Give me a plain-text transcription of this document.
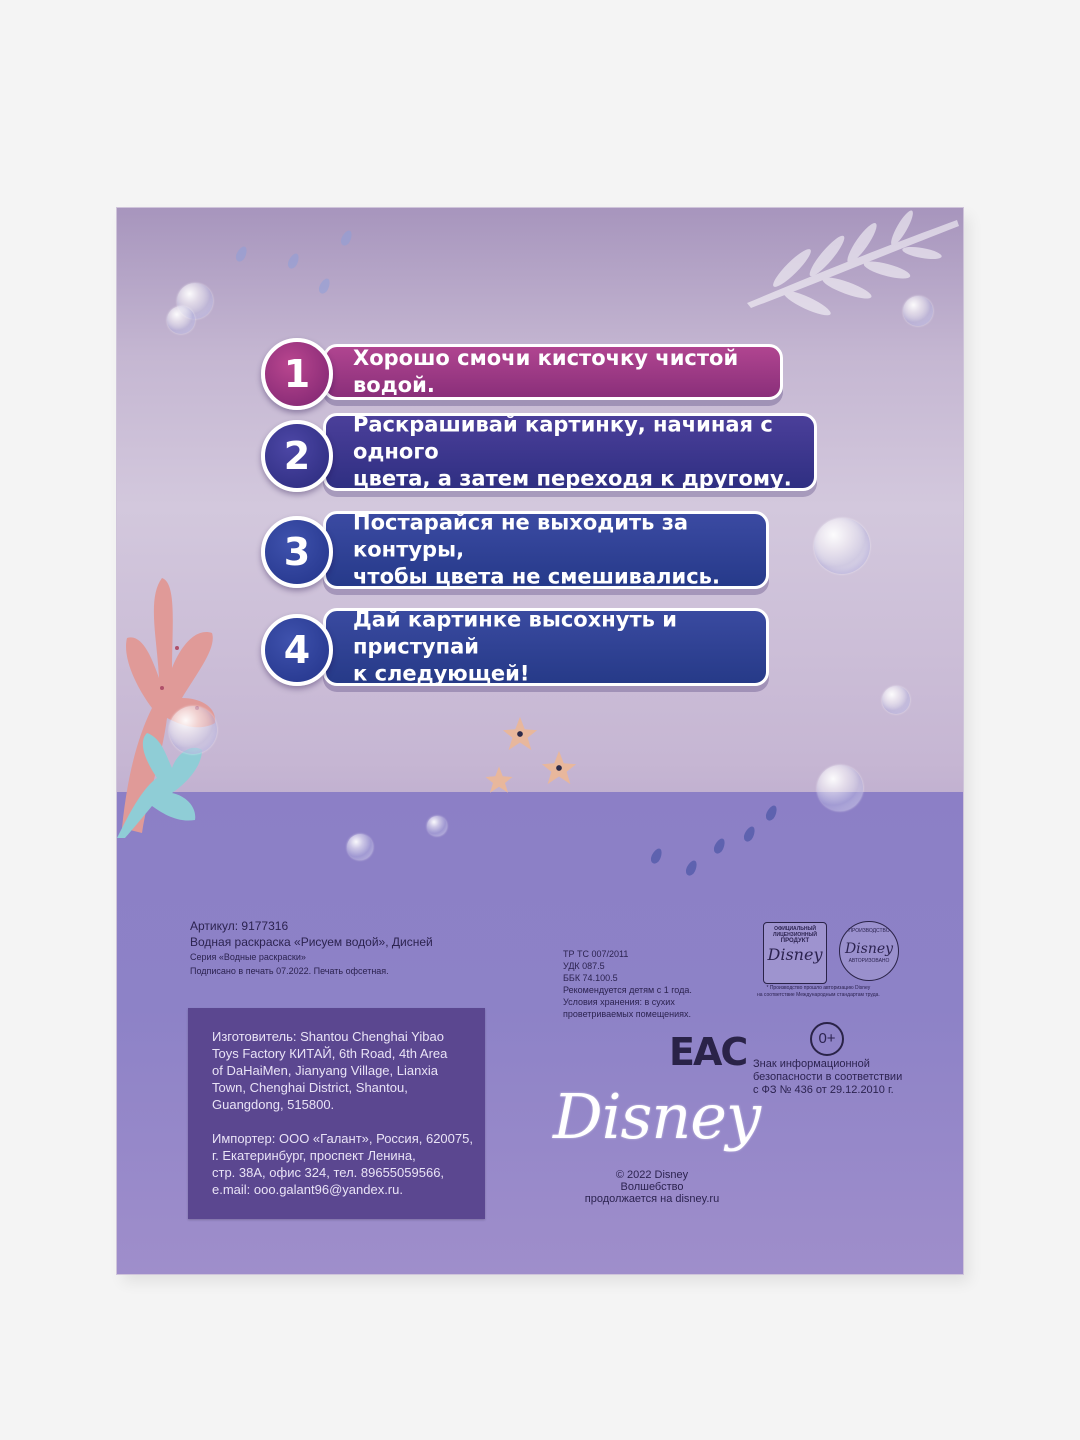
Хорошо смочи кисточку чистой водой.
1
Раскрашивай картинку, начиная с одного
цвета, а затем переходя к другому.
2
Постарайся не выходить за контуры,
чтобы цвета не смешивались.
3
Дай картинке высохнуть и приступай
к следующей!
4
Артикул: 9177316
Водная раскраска «Рисуем водой», Дисней
Серия «Водные раскраски»
Подписано в печать 07.2022. Печать офсетная.
Изготовитель: Shantou Chenghai Yibao
Toys Factory КИТАЙ, 6th Road, 4th Area
of DaHaiMen, Jianyang Village, Lianxia
Town, Chenghai District, Shantou,
Guangdong, 515800.
Импортер: ООО «Галант», Россия, 620075,
г. Екатеринбург, проспект Ленина,
стр. 38А, офис 324, тел. 89655059566,
e.mail: ooo.galant96@yandex.ru.
ТР ТС 007/2011
УДК 087.5
ББК 74.100.5
Рекомендуется детям с 1 года.
Условия хранения: в сухих
проветриваемых помещениях.
EAC
ОФИЦИАЛЬНЫЙ
ЛИЦЕНЗИОННЫЙ
ПРОДУКТ
Disney
ПРОИЗВОДСТВО
Disney
АВТОРИЗОВАНО
* Производство прошло авторизацию Disney
на соответствие Международным стандартам труда.
0+
Знак информационной
безопасности в соответствии
с ФЗ № 436 от 29.12.2010 г.
Disney
© 2022 Disney
Волшебство
продолжается на disney.ru
